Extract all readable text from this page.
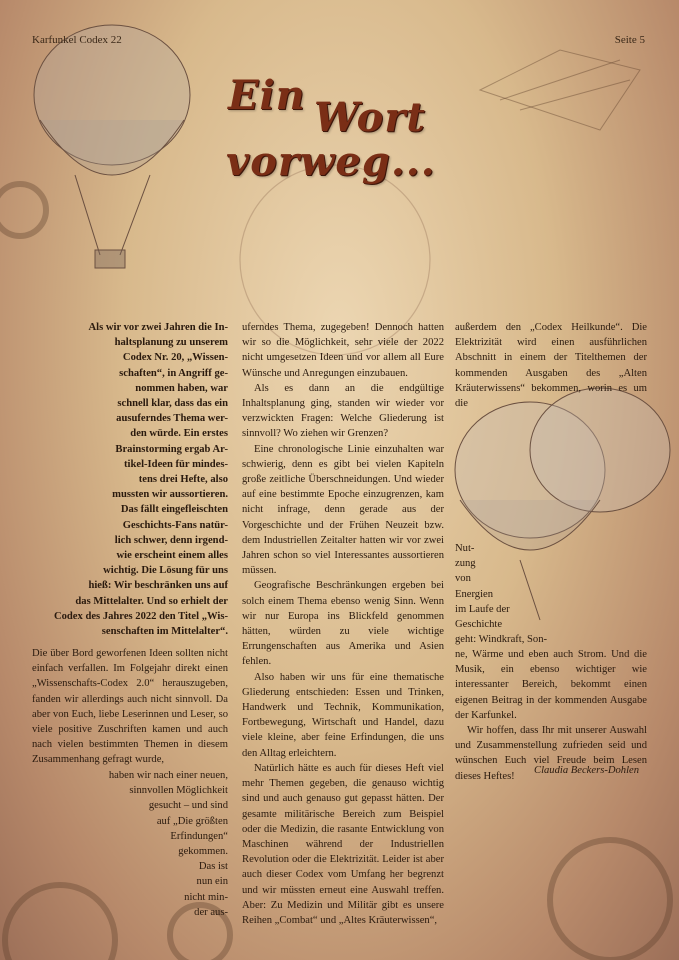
Karfunkel Codex 22	Seite 5
Ein Wort
vorweg...
Als wir vor zwei Jahren die In-
haltsplanung zu unserem
Codex Nr. 20, „Wissen-
schaften“, in Angriff ge-
nommen haben, war
schnell klar, dass das ein
ausuferndes Thema wer-
den würde. Ein erstes
Brainstorming ergab Ar-
tikel-Ideen für mindes-
tens drei Hefte, also
mussten wir aussortieren.
Das fällt eingefleischten
Geschichts-Fans natür-
lich schwer, denn irgend-
wie erscheint einem alles
wichtig. Die Lösung für uns
hieß: Wir beschränken uns auf
das Mittelalter. Und so erhielt der
Codex des Jahres 2022 den Titel „Wis-
senschaften im Mittelalter“.

Die über Bord geworfenen Ideen sollten nicht einfach verfallen. Im Folgejahr direkt einen „Wissenschafts-Codex 2.0“ herauszugeben, fanden wir allerdings auch nicht sinnvoll. Da aber von Euch, liebe Leserinnen und Leser, so viele positive Zuschriften kamen und auch nach vielen bestimmten Themen in diesem Zusammenhang gefragt wurde,

haben wir nach einer neuen,
sinnvollen Möglichkeit
gesucht – und sind
auf „Die größten
Erfindungen“
gekommen.
Das ist
nun ein
nicht min-
der aus-

uferndes Thema, zugegeben! Dennoch hatten wir so die Möglichkeit, sehr viele der 2022 nicht umgesetzen Ideen und vor allem all Eure Wünsche und Anregungen einzubauen.

Als es dann an die endgültige Inhaltsplanung ging, standen wir wieder vor verzwickten Fragen: Welche Gliederung ist sinnvoll? Wo ziehen wir Grenzen?

Eine chronologische Linie einzuhalten war schwierig, denn es gibt bei vielen Kapiteln große zeitliche Überschneidungen. Und wieder auf eine bestimmte Epoche einzugrenzen, kam nicht infrage, denn gerade aus der Vorgeschichte und der Frühen Neuzeit bzw. dem Industriellen Zeitalter hatten wir vor zwei Jahren schon so viel Interessantes aussortieren müssen.

Geografische Beschränkungen ergeben bei solch einem Thema ebenso wenig Sinn. Wenn wir nur Europa ins Blickfeld genommen hätten, würden zu viele wichtige Errungenschaften aus Amerika und Asien fehlen.

Also haben wir uns für eine thematische Gliederung entschieden: Essen und Trinken, Handwerk und Technik, Kommunikation, Fortbewegung, Wirtschaft und Handel, dazu viele kleine, aber feine Erfindungen, die uns den Alltag erleichtern.

Natürlich hätte es auch für dieses Heft viel mehr Themen gegeben, die genauso wichtig sind und auch genauso gut gepasst hätten. Der gesamte militärische Bereich zum Beispiel oder die Medizin, die rasante Entwicklung von Maschinen während der Industriellen Revolution oder die Elektrizität. Leider ist aber auch dieser Codex vom Umfang her begrenzt und wir müssten erneut eine Auswahl treffen. Aber: Zu Medizin und Militär gibt es unsere Reihen „Combat“ und „Altes Kräuterwissen“,

außerdem den „Codex Heilkunde“. Die Elektrizität wird einen ausführlichen Abschnitt in einem der Titelthemen der kommenden Ausgaben des „Alten Kräuterwissens“ bekommen, worin es um die

Nut-
zung
von
Energien
im Laufe der
Geschichte
geht: Windkraft, Son-

ne, Wärme und eben auch Strom. Und die Musik, ein ebenso wichtiger wie interessanter Bereich, bekommt einen eigenen Beitrag in der kommenden Ausgabe der Karfunkel.

Wir hoffen, dass Ihr mit unserer Auswahl und Zusammenstellung zufrieden seid und wünschen Euch viel Freude beim Lesen dieses Heftes!

Claudia Beckers-Dohlen
